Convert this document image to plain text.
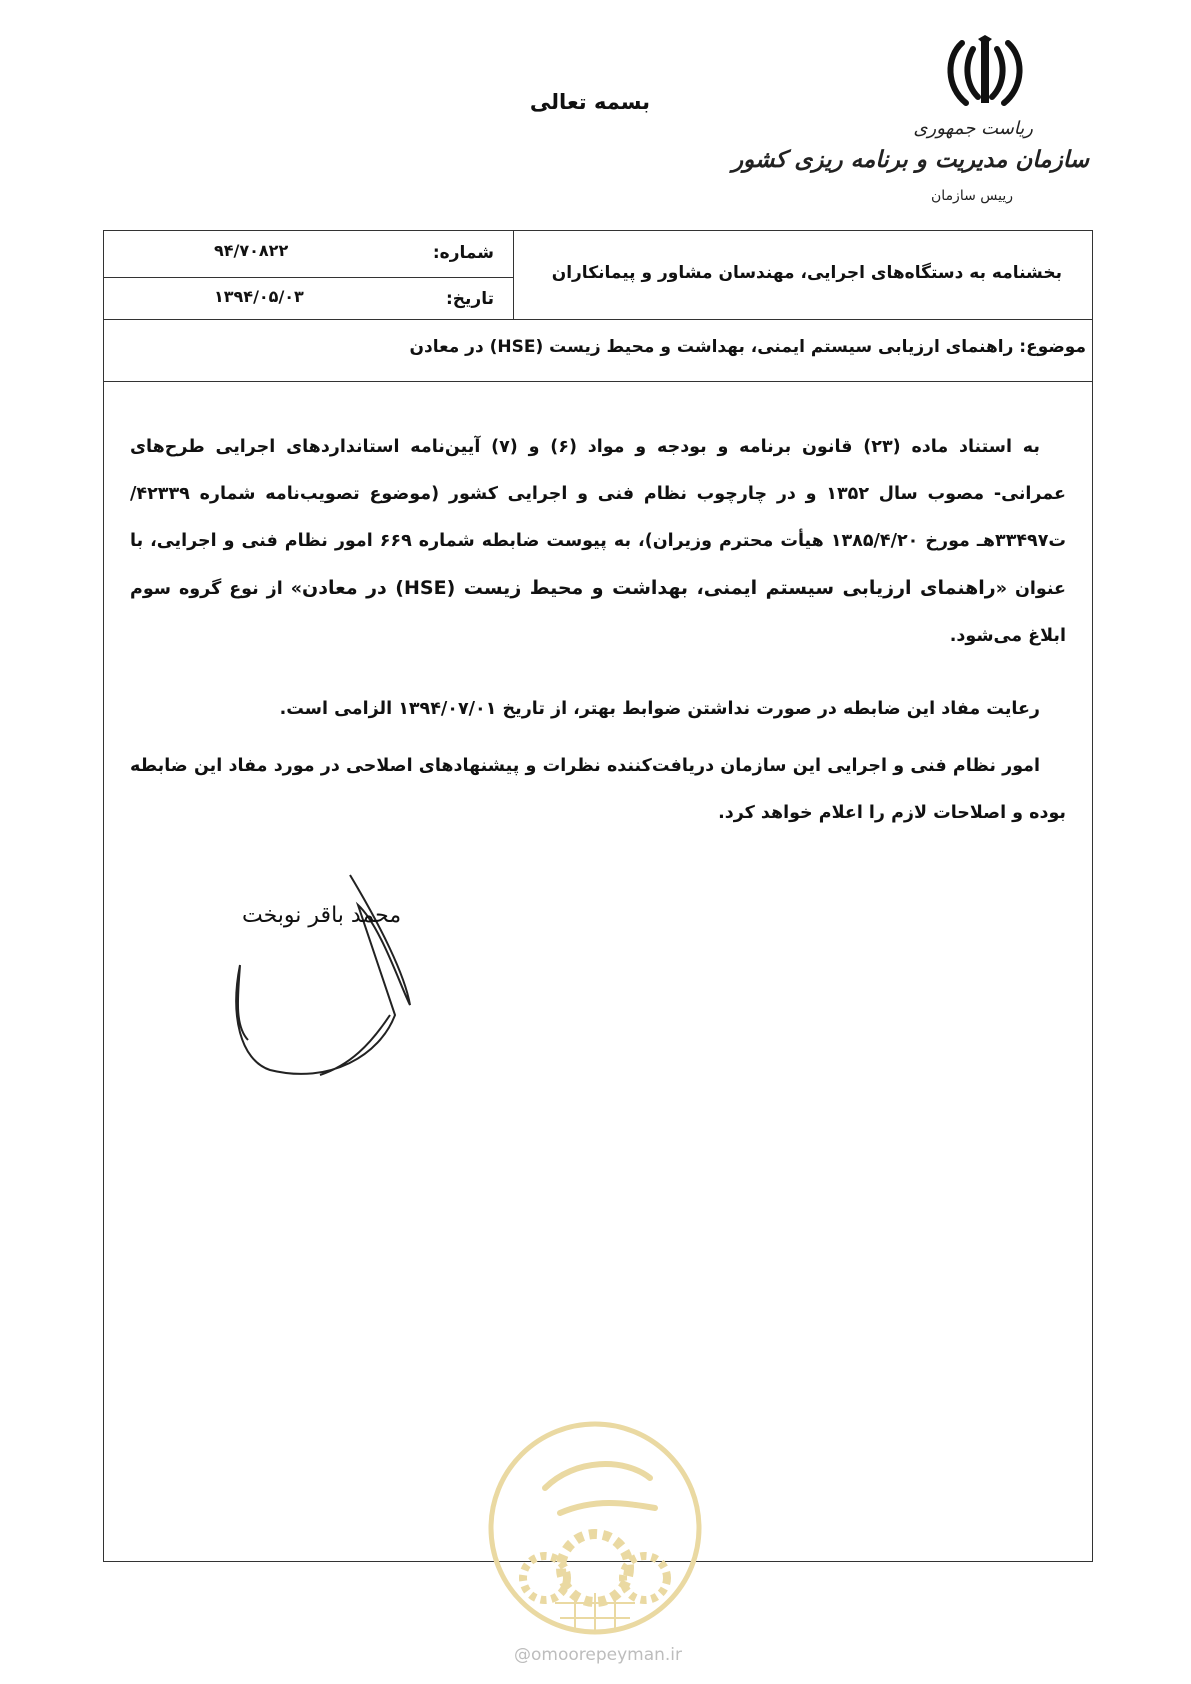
بسمه تعالی
ریاست جمهوری
سازمان مدیریت و برنامه ریزی کشور
رییس سازمان
شماره:
۹۴/۷۰۸۲۲
تاریخ:
۱۳۹۴/۰۵/۰۳
بخشنامه به دستگاه‌های اجرایی، مهندسان مشاور و پیمانکاران
موضوع: راهنمای ارزیابی سیستم ایمنی، بهداشت و محیط زیست (HSE) در معادن

به استناد ماده (۲۳) قانون برنامه و بودجه و مواد (۶) و (۷) آیین‌نامه استانداردهای اجرایی طرح‌های عمرانی- مصوب سال ۱۳۵۲ و در چارچوب نظام فنی و اجرایی کشور (موضوع تصویب‌نامه شماره ۴۲۳۳۹/ت۳۳۴۹۷هـ مورخ ۱۳۸۵/۴/۲۰ هیأت محترم وزیران)، به پیوست ضابطه شماره ۶۶۹ امور نظام فنی و اجرایی، با عنوان «راهنمای ارزیابی سیستم ایمنی، بهداشت و محیط زیست (HSE) در معادن» از نوع گروه سوم ابلاغ می‌شود.

رعایت مفاد این ضابطه در صورت نداشتن ضوابط بهتر، از تاریخ ۱۳۹۴/۰۷/۰۱ الزامی است.

امور نظام فنی و اجرایی این سازمان دریافت‌کننده نظرات و پیشنهادهای اصلاحی در مورد مفاد این ضابطه بوده و اصلاحات لازم را اعلام خواهد کرد.

محمد باقر نوبخت
@omoorepeyman.ir
